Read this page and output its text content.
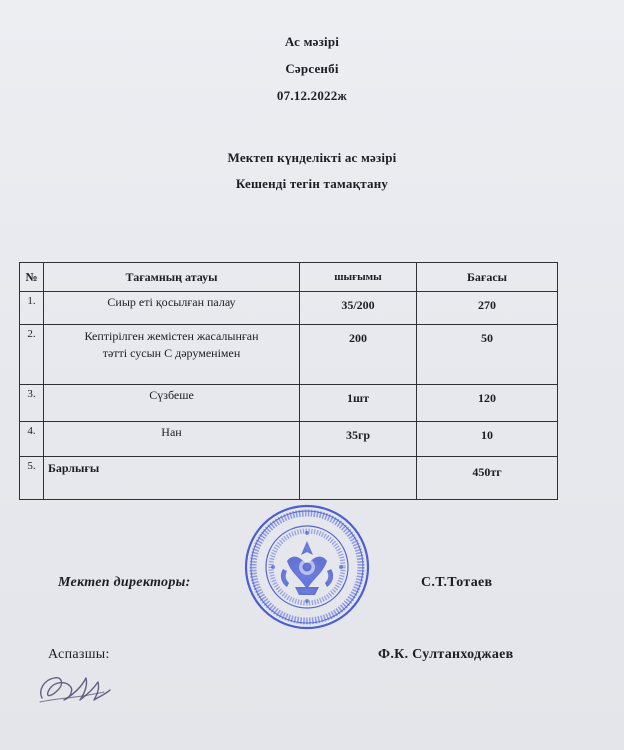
Ас мәзірі
Сәрсенбі
07.12.2022ж
Мектеп күнделікті ас мәзірі
Кешенді тегін тамақтану
№	Тағамның атауы	шығымы	Бағасы
1.	Сиыр еті қосылған палау	35/200	270
2.	Кептірілген жемістен жасалынған
тәтті сусын С дәруменімен	200	50
3.	Сүзбеше	1шт	120
4.	Нан	35гр	10
5.	Барлығы		450тг
Мектеп директоры:	С.Т.Тотаев
Аспазшы:	Ф.К. Султанходжаев
